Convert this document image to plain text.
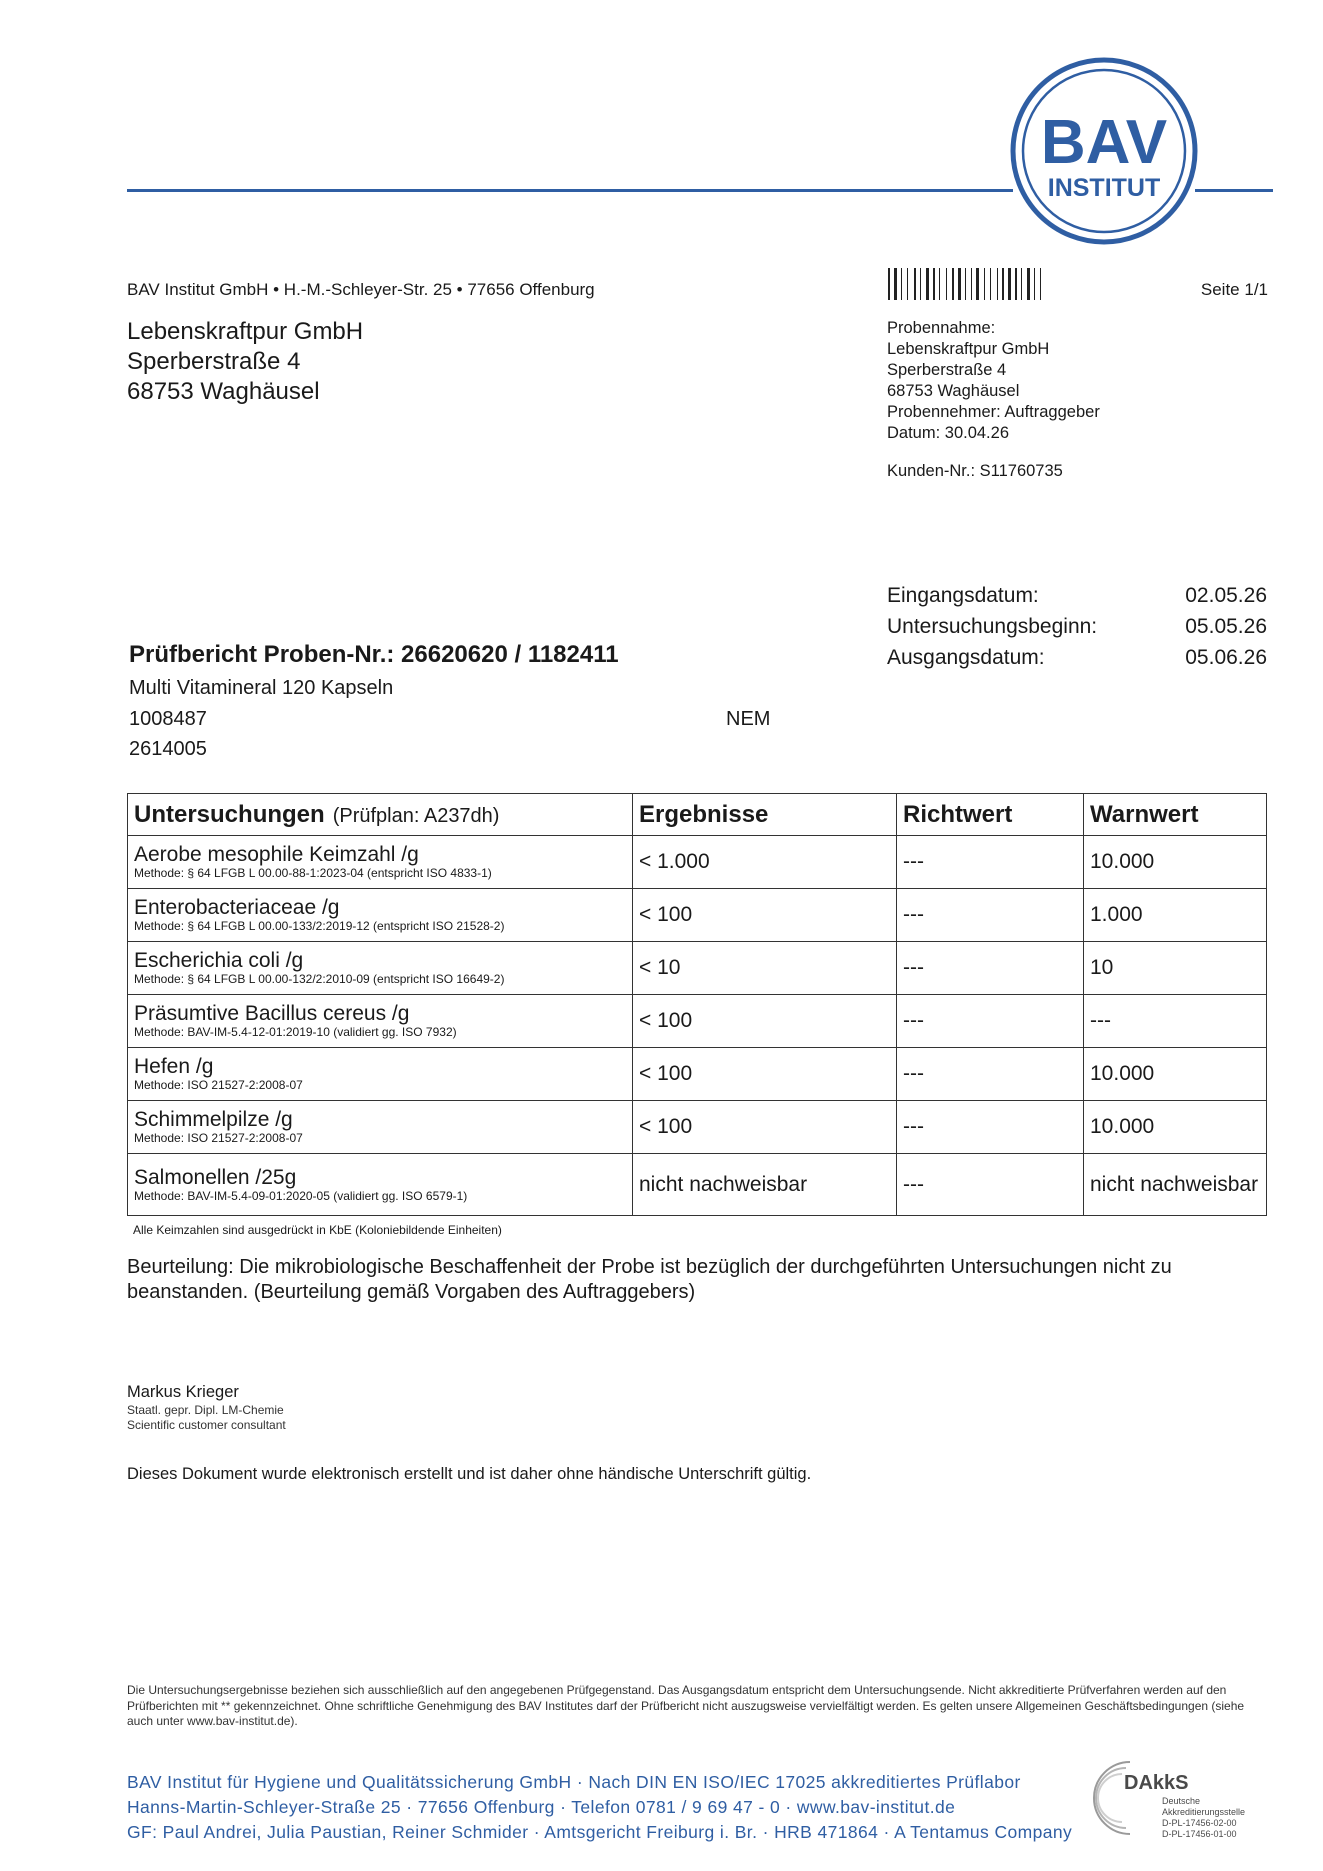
BAV
INSTITUT
BAV Institut GmbH • H.-M.-Schleyer-Str. 25 • 77656 Offenburg	Seite 1/1
Lebenskraftpur GmbH
Sperberstraße 4
68753 Waghäusel
Probennahme:
Lebenskraftpur GmbH
Sperberstraße 4
68753 Waghäusel
Probennehmer: Auftraggeber
Datum: 30.04.26
Kunden-Nr.: S11760735
Eingangsdatum:	02.05.26
Untersuchungsbeginn:	05.05.26
Ausgangsdatum:	05.06.26
Prüfbericht Proben-Nr.: 26620620 / 1182411
Multi Vitamineral 120 Kapseln
1008487	NEM
2614005
Untersuchungen (Prüfplan: A237dh)	Ergebnisse	Richtwert	Warnwert

Aerobe mesophile Keimzahl /g
Methode: § 64 LFGB L 00.00-88-1:2023-04 (entspricht ISO 4833-1)	< 1.000	---	10.000

Enterobacteriaceae /g
Methode: § 64 LFGB L 00.00-133/2:2019-12 (entspricht ISO 21528-2)	< 100	---	1.000

Escherichia coli /g
Methode: § 64 LFGB L 00.00-132/2:2010-09 (entspricht ISO 16649-2)	< 10	---	10

Präsumtive Bacillus cereus /g
Methode: BAV-IM-5.4-12-01:2019-10 (validiert gg. ISO 7932)	< 100	---	---

Hefen /g
Methode: ISO 21527-2:2008-07	< 100	---	10.000

Schimmelpilze /g
Methode: ISO 21527-2:2008-07	< 100	---	10.000

Salmonellen /25g
Methode: BAV-IM-5.4-09-01:2020-05 (validiert gg. ISO 6579-1)	nicht nachweisbar	---	nicht nachweisbar
Alle Keimzahlen sind ausgedrückt in KbE (Koloniebildende Einheiten)
Beurteilung: Die mikrobiologische Beschaffenheit der Probe ist bezüglich der durchgeführten Untersuchungen nicht zu beanstanden. (Beurteilung gemäß Vorgaben des Auftraggebers)
Markus Krieger
Staatl. gepr. Dipl. LM-Chemie
Scientific customer consultant
Dieses Dokument wurde elektronisch erstellt und ist daher ohne händische Unterschrift gültig.
Die Untersuchungsergebnisse beziehen sich ausschließlich auf den angegebenen Prüfgegenstand. Das Ausgangsdatum entspricht dem Untersuchungsende. Nicht akkreditierte Prüfverfahren werden auf den Prüfberichten mit ** gekennzeichnet. Ohne schriftliche Genehmigung des BAV Institutes darf der Prüfbericht nicht auszugsweise vervielfältigt werden. Es gelten unsere Allgemeinen Geschäftsbedingungen (siehe auch unter www.bav-institut.de).
BAV Institut für Hygiene und Qualitätssicherung GmbH · Nach DIN EN ISO/IEC 17025 akkreditiertes Prüflabor
Hanns-Martin-Schleyer-Straße 25 · 77656 Offenburg · Telefon 0781 / 9 69 47 - 0 · www.bav-institut.de
GF: Paul Andrei, Julia Paustian, Reiner Schmider · Amtsgericht Freiburg i. Br. · HRB 471864 · A Tentamus Company
DAkkS
Deutsche
Akkreditierungsstelle
D-PL-17456-02-00
D-PL-17456-01-00
